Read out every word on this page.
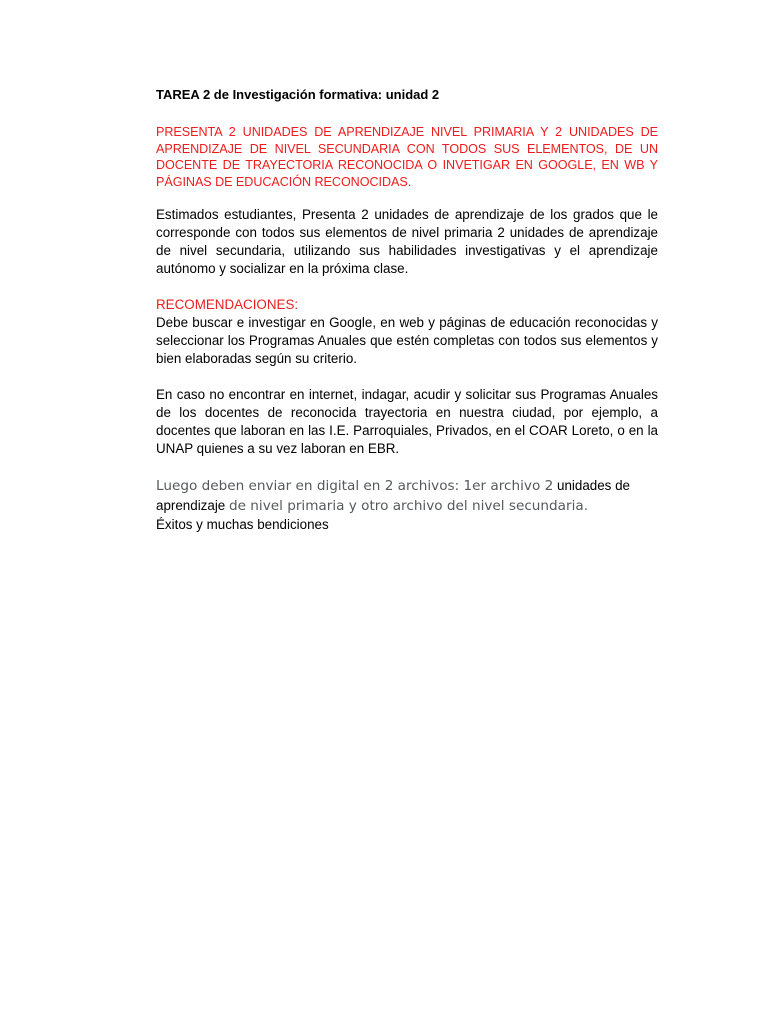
TAREA 2 de Investigación formativa: unidad 2

PRESENTA 2 UNIDADES DE APRENDIZAJE NIVEL PRIMARIA Y 2 UNIDADES DE APRENDIZAJE DE NIVEL SECUNDARIA CON TODOS SUS ELEMENTOS, DE UN DOCENTE DE TRAYECTORIA RECONOCIDA O INVETIGAR EN GOOGLE, EN WB Y PÁGINAS DE EDUCACIÓN RECONOCIDAS.

Estimados estudiantes, Presenta 2 unidades de aprendizaje de los grados que le corresponde con todos sus elementos de nivel primaria 2 unidades de aprendizaje de nivel secundaria, utilizando sus habilidades investigativas y el aprendizaje autónomo y socializar en la próxima clase.

RECOMENDACIONES:

Debe buscar e investigar en Google, en web y páginas de educación reconocidas y seleccionar los Programas Anuales que estén completas con todos sus elementos y bien elaboradas según su criterio.

En caso no encontrar en internet, indagar, acudir y solicitar sus Programas Anuales de los docentes de reconocida trayectoria en nuestra ciudad, por ejemplo, a docentes que laboran en las I.E. Parroquiales, Privados, en el COAR Loreto, o en la UNAP quienes a su vez laboran en EBR.

Luego deben enviar en digital en 2 archivos: 1er archivo 2 unidades de aprendizaje de nivel primaria y otro archivo del nivel secundaria.

Éxitos y muchas bendiciones
